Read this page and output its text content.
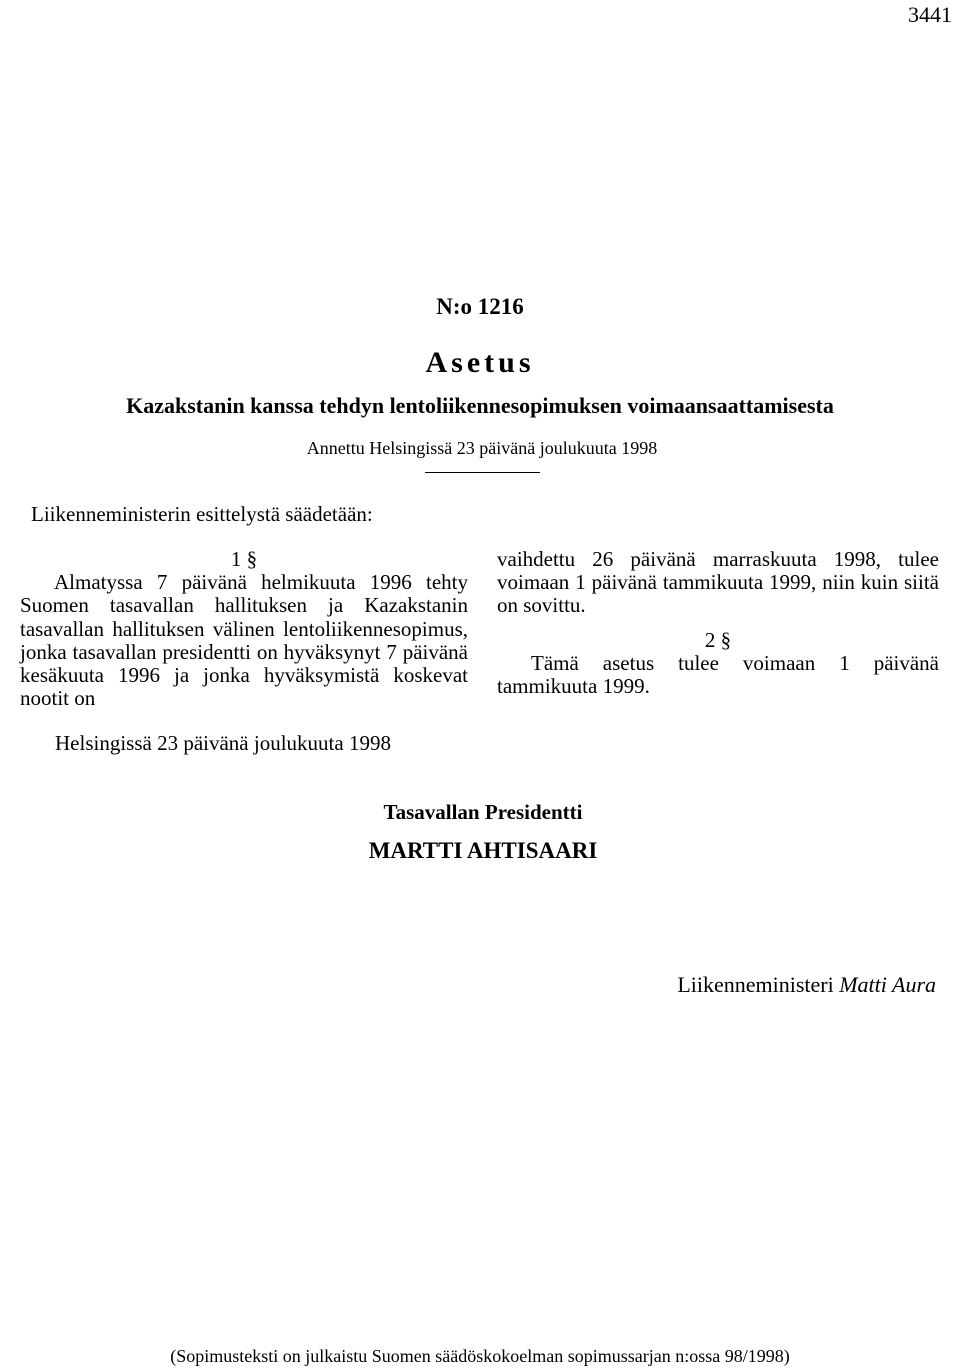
3441
N:o 1216
Asetus
Kazakstanin kanssa tehdyn lentoliikennesopimuksen voimaansaattamisesta
Annettu Helsingissä 23 päivänä joulukuuta 1998
Liikenneministerin esittelystä säädetään:

1 §

Almatyssa 7 päivänä helmikuuta 1996 tehty Suomen tasavallan hallituksen ja Kazakstanin tasavallan hallituksen välinen lentoliikennesopimus, jonka tasavallan presidentti on hyväksynyt 7 päivänä kesäkuuta 1996 ja jonka hyväksymistä koskevat nootit on

vaihdettu 26 päivänä marraskuuta 1998, tulee voimaan 1 päivänä tammikuuta 1999, niin kuin siitä on sovittu.

2 §

Tämä asetus tulee voimaan 1 päivänä tammikuuta 1999.

Helsingissä 23 päivänä joulukuuta 1998
Tasavallan Presidentti
MARTTI AHTISAARI
Liikenneministeri Matti Aura
(Sopimusteksti on julkaistu Suomen säädöskokoelman sopimussarjan n:ossa 98/1998)
